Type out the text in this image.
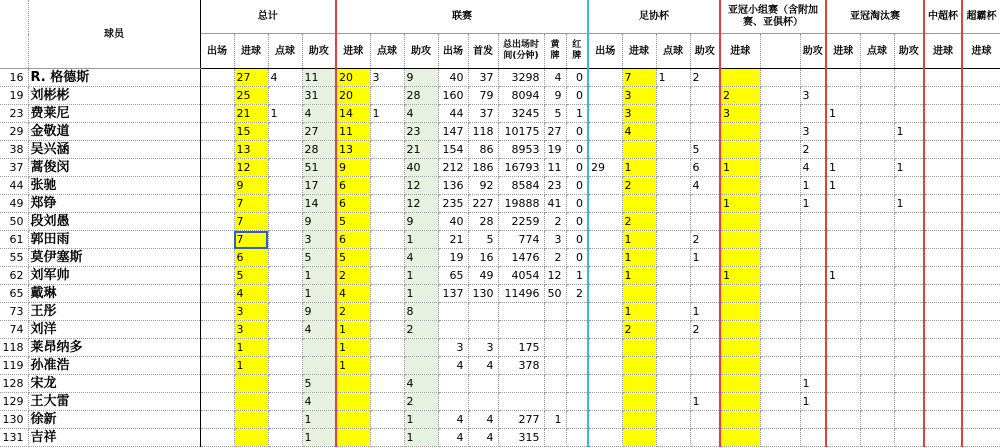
	球员	总计				联赛								足协杯				亚冠小组赛（含附加赛、亚俱杯）			亚冠淘汰赛			中超杯	超霸杯
		出场	进球	点球	助攻	进球	点球	助攻	出场	首发	总出场时间(分钟)	黄牌	红牌	出场	进球	点球	助攻	进球		助攻	进球	点球	助攻	进球	进球
16	R. 格德斯		27	4	11	20	3	9	40	37	3298	4	0		7	1	2								
19	刘彬彬		25		31	20		28	160	79	8094	9	0		3			2		3					
23	费莱尼		21	1	4	14	1	4	44	37	3245	5	1		3			3			1				
29	金敬道		15		27	11		23	147	118	10175	27	0		4					3			1		
38	吴兴涵		13		28	13		21	154	86	8953	19	0				5			2					
37	蒿俊闵		12		51	9		40	212	186	16793	11	0	29	1		6	1		4	1		1		
44	张驰		9		17	6		12	136	92	8584	23	0		2		4			1	1				
49	郑铮		7		14	6		12	235	227	19888	41	0					1		1			1		
50	段刘愚		7		9	5		9	40	28	2259	2	0		2										
61	郭田雨		7		3	6		1	21	5	774	3	0		1		2								
55	莫伊塞斯		6		5	5		4	19	16	1476	2	0		1		1								
62	刘军帅		5		1	2		1	65	49	4054	12	1		1			1			1				
65	戴琳		4		1	4		1	137	130	11496	50	2												
73	王彤		3		9	2		8							1		1								
74	刘洋		3		4	1		2							2		2								
118	莱昂纳多		1			1			3	3	175														
119	孙准浩		1			1			4	4	378														
128	宋龙				5			4												1					
129	王大雷				4			2									1			1					
130	徐新				1			1	4	4	277	1													
131	吉祥				1			1	4	4	315														
